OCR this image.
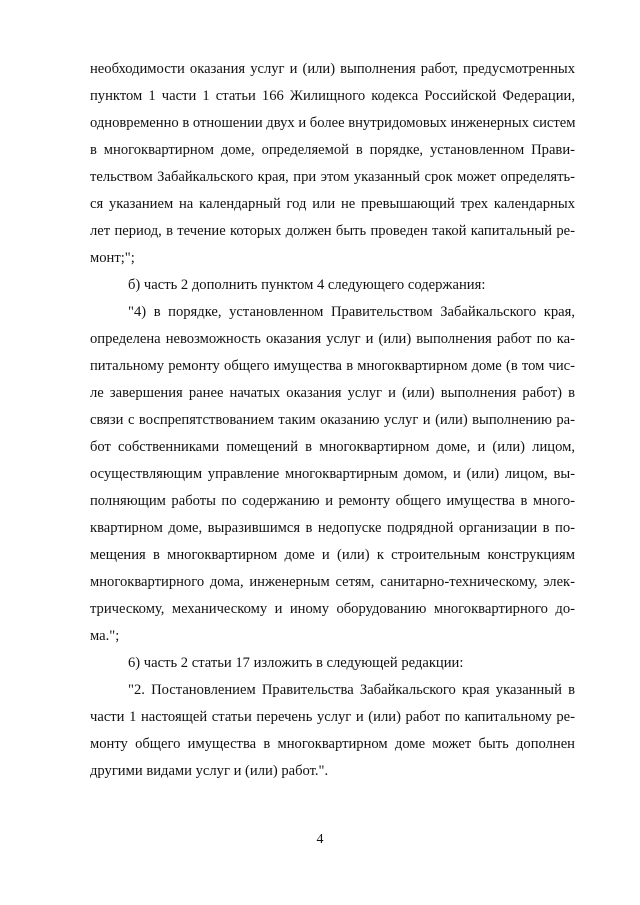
необходимости оказания услуг и (или) выполнения работ, предусмотренных
пунктом 1 части 1 статьи 166 Жилищного кодекса Российской Федерации,
одновременно в отношении двух и более внутридомовых инженерных систем
в многоквартирном доме, определяемой в порядке, установленном Прави-
тельством Забайкальского края, при этом указанный срок может определять-
ся указанием на календарный год или не превышающий трех календарных
лет период, в течение которых должен быть проведен такой капитальный ре-
монт;";
б) часть 2 дополнить пунктом 4 следующего содержания:
"4) в порядке, установленном Правительством Забайкальского края,
определена невозможность оказания услуг и (или) выполнения работ по ка-
питальному ремонту общего имущества в многоквартирном доме (в том чис-
ле завершения ранее начатых оказания услуг и (или) выполнения работ) в
связи с воспрепятствованием таким оказанию услуг и (или) выполнению ра-
бот собственниками помещений в многоквартирном доме, и (или) лицом,
осуществляющим управление многоквартирным домом, и (или) лицом, вы-
полняющим работы по содержанию и ремонту общего имущества в много-
квартирном доме, выразившимся в недопуске подрядной организации в по-
мещения в многоквартирном доме и (или) к строительным конструкциям
многоквартирного дома, инженерным сетям, санитарно-техническому, элек-
трическому, механическому и иному оборудованию многоквартирного до-
ма.";
6) часть 2 статьи 17 изложить в следующей редакции:
"2. Постановлением Правительства Забайкальского края указанный в
части 1 настоящей статьи перечень услуг и (или) работ по капитальному ре-
монту общего имущества в многоквартирном доме может быть дополнен
другими видами услуг и (или) работ.".
4
